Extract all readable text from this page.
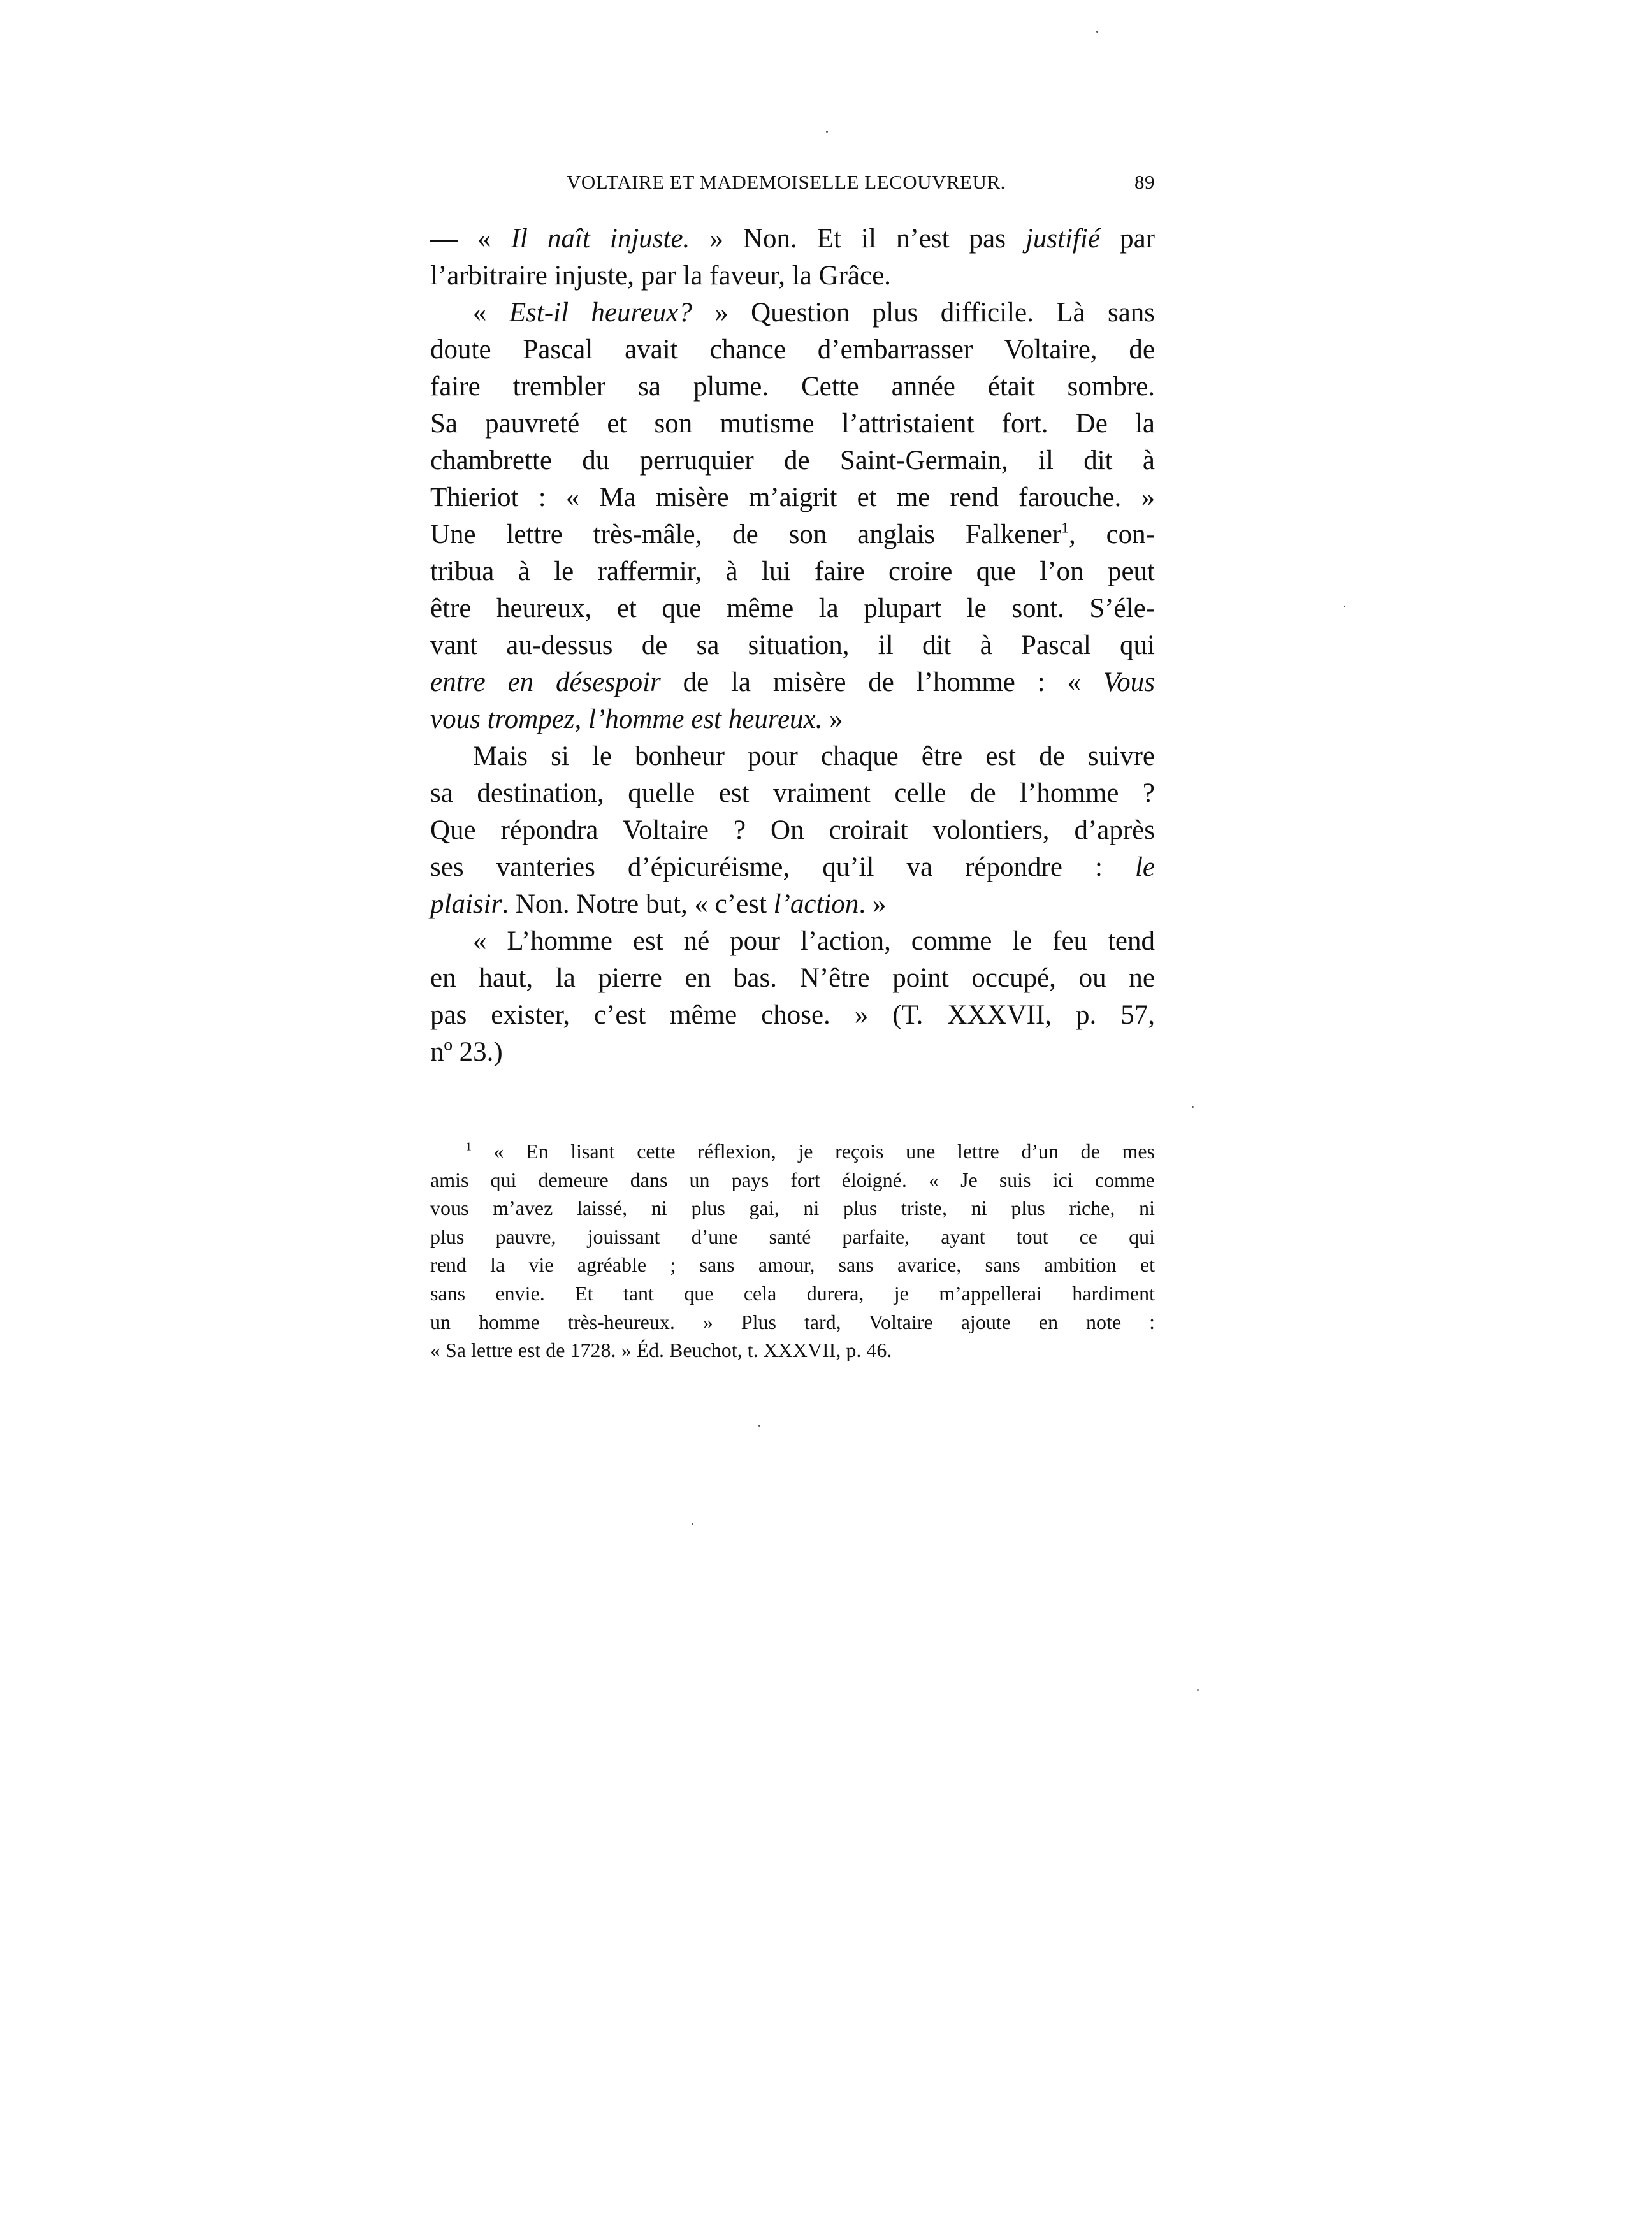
VOLTAIRE ET MADEMOISELLE LECOUVREUR.	89
— « Il naît injuste. » Non. Et il n’est pas justifié par
l’arbitraire injuste, par la faveur, la Grâce.
« Est-il heureux? » Question plus difficile. Là sans
doute Pascal avait chance d’embarrasser Voltaire, de
faire trembler sa plume. Cette année était sombre.
Sa pauvreté et son mutisme l’attristaient fort. De la
chambrette du perruquier de Saint-Germain, il dit à
Thieriot : « Ma misère m’aigrit et me rend farouche. »
Une lettre très-mâle, de son anglais Falkener$^1$, con-
tribua à le raffermir, à lui faire croire que l’on peut
être heureux, et que même la plupart le sont. S’éle-
vant au-dessus de sa situation, il dit à Pascal qui
entre en désespoir de la misère de l’homme : « Vous
vous trompez, l’homme est heureux. »
Mais si le bonheur pour chaque être est de suivre
sa destination, quelle est vraiment celle de l’homme ?
Que répondra Voltaire ? On croirait volontiers, d’après
ses vanteries d’épicuréisme, qu’il va répondre : le
plaisir. Non. Notre but, « c’est l’action. »
« L’homme est né pour l’action, comme le feu tend
en haut, la pierre en bas. N’être point occupé, ou ne
pas exister, c’est même chose. » (T. XXXVII, p. 57,
nº 23.)
$^1$ « En lisant cette réflexion, je reçois une lettre d’un de mes
amis qui demeure dans un pays fort éloigné. « Je suis ici comme
vous m’avez laissé, ni plus gai, ni plus triste, ni plus riche, ni
plus pauvre, jouissant d’une santé parfaite, ayant tout ce qui
rend la vie agréable ; sans amour, sans avarice, sans ambition et
sans envie. Et tant que cela durera, je m’appellerai hardiment
un homme très-heureux. » Plus tard, Voltaire ajoute en note :
« Sa lettre est de 1728. » Éd. Beuchot, t. XXXVII, p. 46.
